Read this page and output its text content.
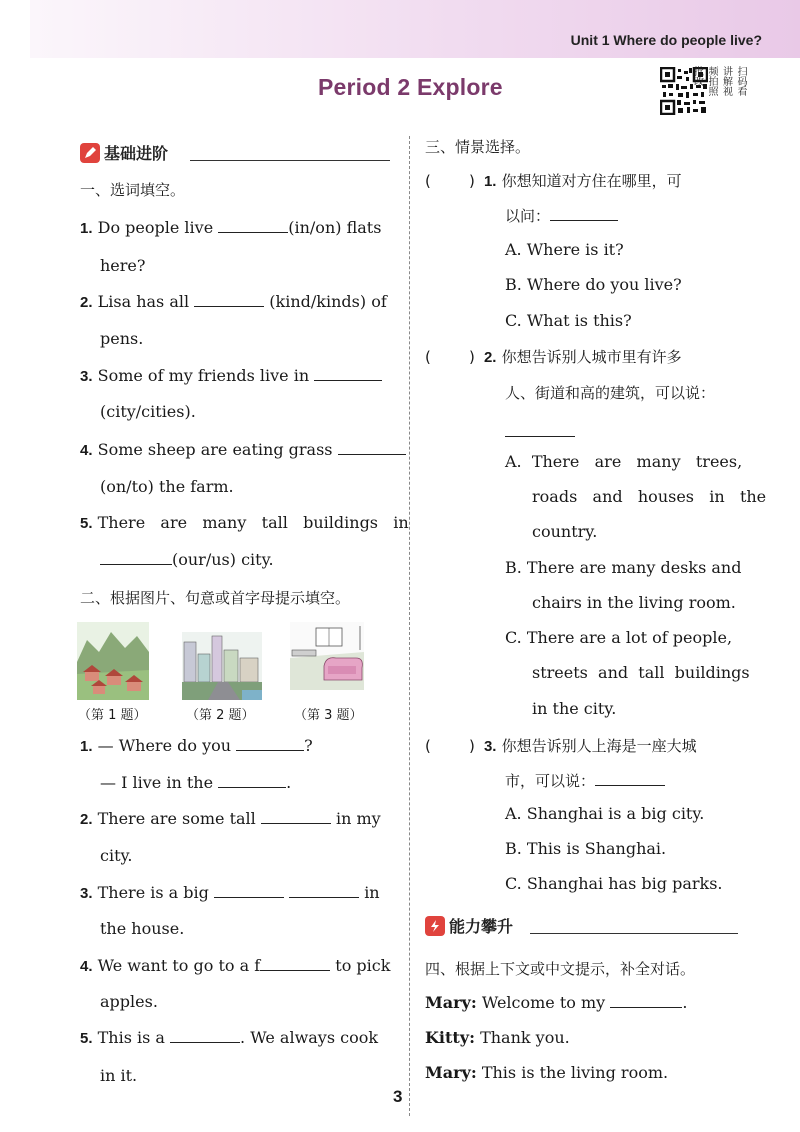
Unit 1 Where do people live?
Period 2 Explore	扫码看
讲解视
频拍照
批改
基础进阶
一、选词填空。
1. Do people live	(in/on) flats
here?
2. Lisa has all	(kind/kinds) of
pens.
3. Some of my friends live in
(city/cities).
4. Some sheep are eating grass
(on/to) the farm.
5. There   are   many   tall   buildings   in
(our/us) city.
二、根据图片、句意或首字母提示填空。
（第 1 题）	（第 2 题）	（第 3 题）
1. — Where do you	?
— I live in the	.
2. There are some tall	in my
city.
3. There is a big	in
the house.
4. We want to go to a f	to pick
apples.
5. This is a	. We always cook
in it.
三、情景选择。
(        ) 1. 你想知道对方住在哪里，可
以问：
A. Where is it?
B. Where do you live?
C. What is this?
(        ) 2. 你想告诉别人城市里有许多
人、街道和高的建筑，可以说：
A.  There   are   many   trees,
roads   and   houses   in   the
country.
B. There are many desks and
chairs in the living room.
C. There are a lot of people,
streets  and  tall  buildings
in the city.
(        ) 3. 你想告诉别人上海是一座大城
市，可以说：
A. Shanghai is a big city.
B. This is Shanghai.
C. Shanghai has big parks.
能力攀升
四、根据上下文或中文提示，补全对话。
Mary: Welcome to my	.
Kitty: Thank you.
Mary: This is the living room.
3
